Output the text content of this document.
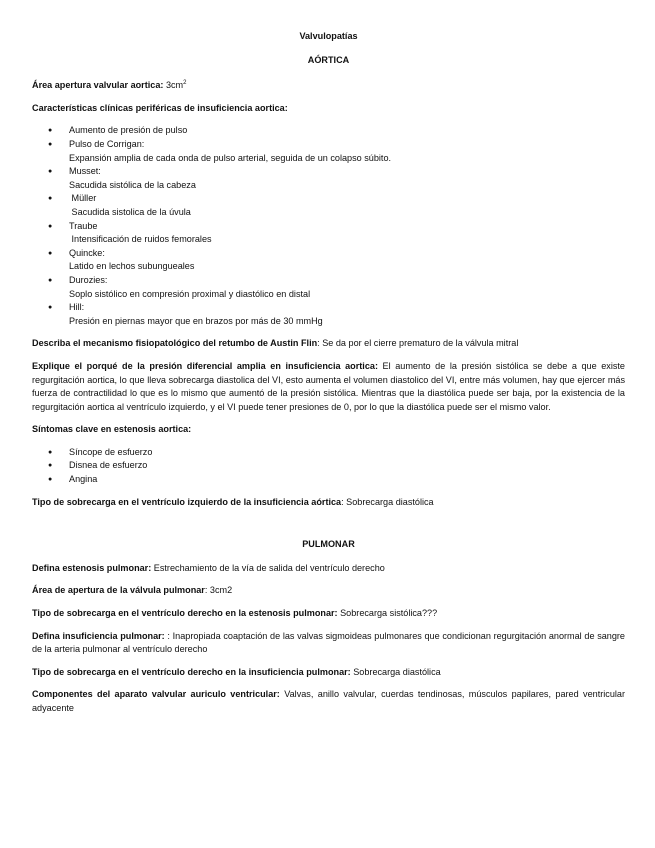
Valvulopatías
AÓRTICA

Área apertura valvular aortica: $3cm^2$

Características clínicas periféricas de insuficiencia aortica:

● Aumento de presión de pulso
● Pulso de Corrigan:
Expansión amplia de cada onda de pulso arterial, seguida de un colapso súbito.
● Musset:
Sacudida sistólica de la cabeza
●  Müller
Sacudida sistolica de la úvula
● Traube
Intensificación de ruidos femorales
● Quincke:
Latido en lechos subungueales
● Durozies:
Soplo sistólico en compresión proximal y diastólico en distal
● Hill:
Presión en piernas mayor que en brazos por más de 30 mmHg

Describa el mecanismo fisiopatológico del retumbo de Austin Flin: Se da por el cierre prematuro de la válvula mitral

Explique el porqué de la presión diferencial amplia en insuficiencia aortica: El aumento de la presión sistólica se debe a que existe regurgitación aortica, lo que lleva sobrecarga diastolica del VI, esto aumenta el volumen diastolico del VI, entre más volumen, hay que ejercer más fuerza de contractilidad lo que es lo mismo que aumentó de la presión sistólica. Mientras que la diastólica puede ser baja, por la existencia de la regurgitación aortica al ventrículo izquierdo, y el VI puede tener presiones de 0, por lo que la diastólica puede ser el mismo valor.

Síntomas clave en estenosis aortica:

● Síncope de esfuerzo
● Disnea de esfuerzo
● Angina

Tipo de sobrecarga en el ventrículo izquierdo de la insuficiencia aórtica: Sobrecarga diastólica

PULMONAR

Defina estenosis pulmonar: Estrechamiento de la vía de salida del ventrículo derecho

Área de apertura de la válvula pulmonar: 3cm2

Tipo de sobrecarga en el ventrículo derecho en la estenosis pulmonar: Sobrecarga sistólica???

Defina insuficiencia pulmonar: : Inapropiada coaptación de las valvas sigmoideas pulmonares que condicionan regurgitación anormal de sangre de la arteria pulmonar al ventrículo derecho

Tipo de sobrecarga en el ventrículo derecho en la insuficiencia pulmonar: Sobrecarga diastólica

Componentes del aparato valvular auriculo ventricular: Valvas, anillo valvular, cuerdas tendinosas, músculos papilares, pared ventricular adyacente
